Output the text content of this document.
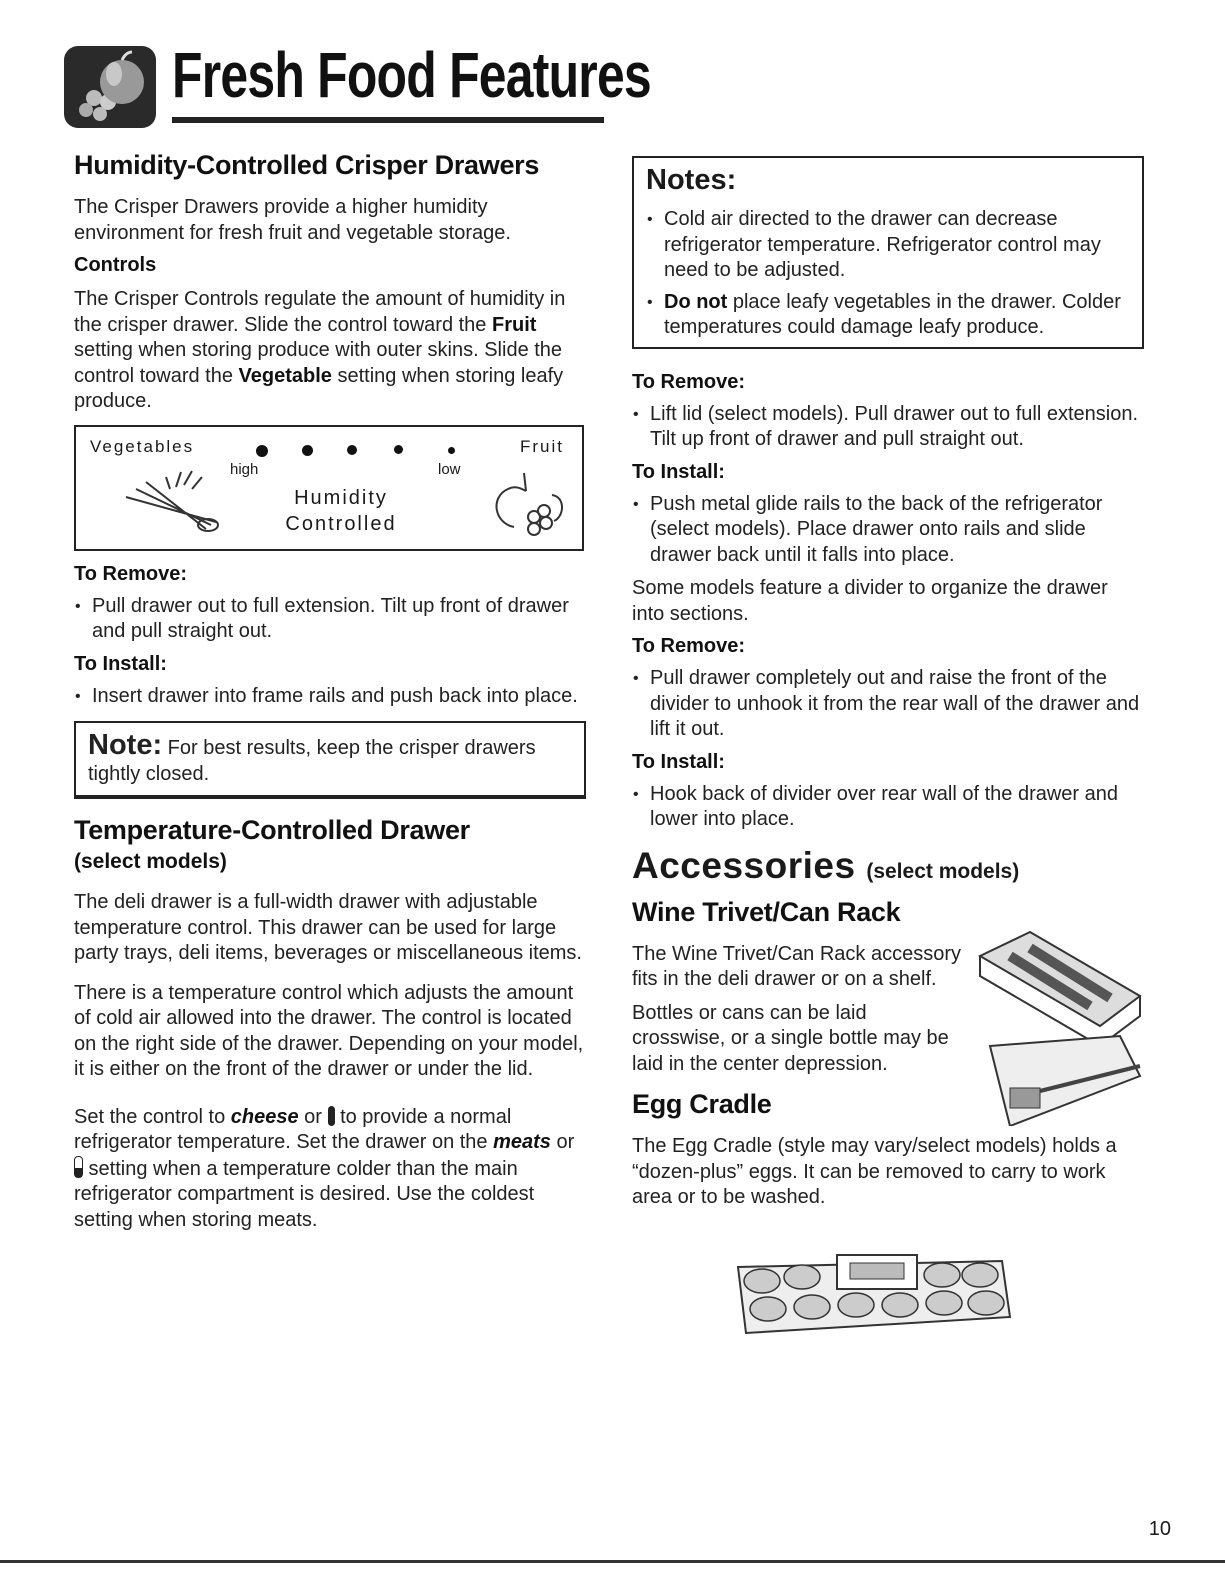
Fresh Food Features
Humidity-Controlled Crisper Drawers

The Crisper Drawers provide a higher humidity environment for fresh fruit and vegetable storage.

Controls

The Crisper Controls regulate the amount of humidity in the crisper drawer. Slide the control toward the Fruit setting when storing produce with outer skins. Slide the control toward the Vegetable setting when storing leafy produce.

Vegetables	Fruit
high	low
Humidity
Controlled
To Remove:
• Pull drawer out to full extension. Tilt up front of drawer and pull straight out.
To Install:
• Insert drawer into frame rails and push back into place.

Note: For best results, keep the crisper drawers tightly closed.

Temperature-Controlled Drawer
(select models)

The deli drawer is a full-width drawer with adjustable temperature control. This drawer can be used for large party trays, deli items, beverages or miscellaneous items.

There is a temperature control which adjusts the amount of cold air allowed into the drawer. The control is located on the right side of the drawer. Depending on your model, it is either on the front of the drawer or under the lid.

Set the control to cheese or  to provide a normal refrigerator temperature. Set the drawer on the meats or  setting when a temperature colder than the main refrigerator compartment is desired. Use the coldest setting when storing meats.

Notes:
• Cold air directed to the drawer can decrease refrigerator temperature. Refrigerator control may need to be adjusted.
• Do not place leafy vegetables in the drawer. Colder temperatures could damage leafy produce.
To Remove:
• Lift lid (select models). Pull drawer out to full extension. Tilt up front of drawer and pull straight out.
To Install:
• Push metal glide rails to the back of the refrigerator (select models). Place drawer onto rails and slide drawer back until it falls into place.

Some models feature a divider to organize the drawer into sections.

To Remove:
• Pull drawer completely out and raise the front of the divider to unhook it from the rear wall of the drawer and lift it out.
To Install:
• Hook back of divider over rear wall of the drawer and lower into place.
Accessories (select models)
Wine Trivet/Can Rack

The Wine Trivet/Can Rack accessory fits in the deli drawer or on a shelf.

Bottles or cans can be laid crosswise, or a single bottle may be laid in the center depression.

Egg Cradle

The Egg Cradle (style may vary/select models) holds a “dozen-plus” eggs. It can be removed to carry to work area or to be washed.

10
